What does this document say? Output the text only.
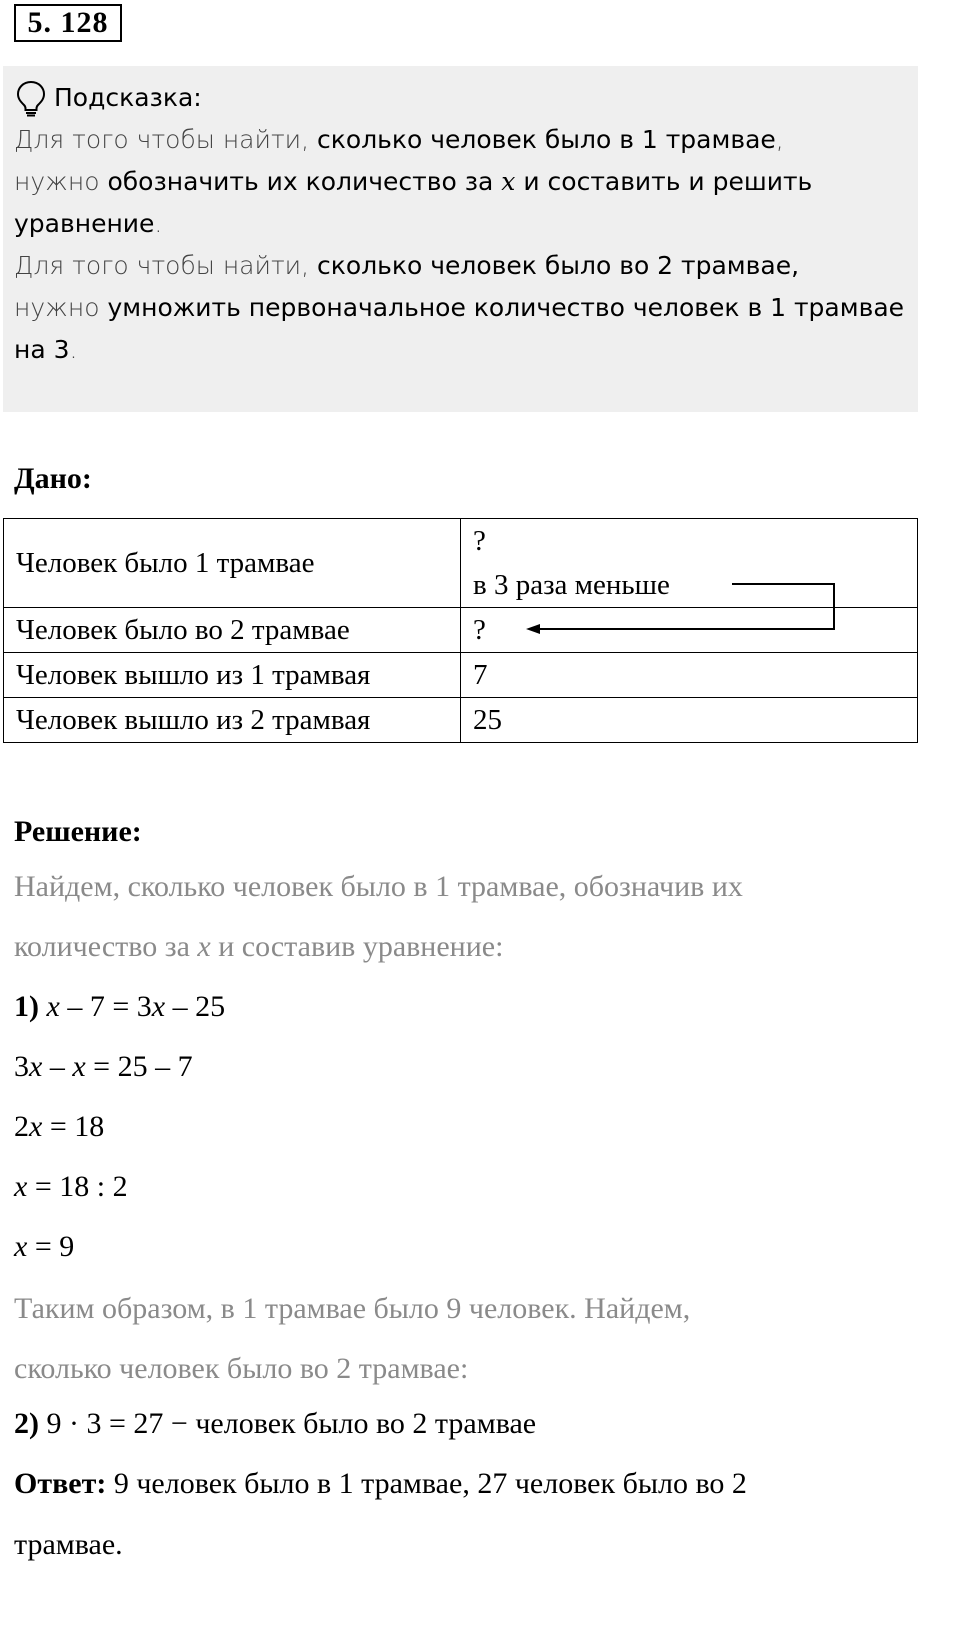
5. 128
Подсказка:

Для того чтобы найти, сколько человек было в 1 трамвае,
нужно обозначить их количество за x и составить и решить уравнение.

Для того чтобы найти, сколько человек было во 2 трамвае,
нужно умножить первоначальное количество человек в 1 трамвае на 3.

Дано:
Человек было 1 трамвае	?
в 3 раза меньше

Человек было во 2 трамвае	?
Человек вышло из 1 трамвая	7
Человек вышло из 2 трамвая	25
Решение:
Найдем, сколько человек было в 1 трамвае, обозначив их
количество за x и составив уравнение:
1) x – 7 = 3x – 25
3x – x = 25 – 7
2x = 18
x = 18 : 2
x = 9
Таким образом, в 1 трамвае было 9 человек. Найдем,
сколько человек было во 2 трамвае:
2) 9 · 3 = 27 − человек было во 2 трамвае
Ответ: 9 человек было в 1 трамвае, 27 человек было во 2
трамвае.
